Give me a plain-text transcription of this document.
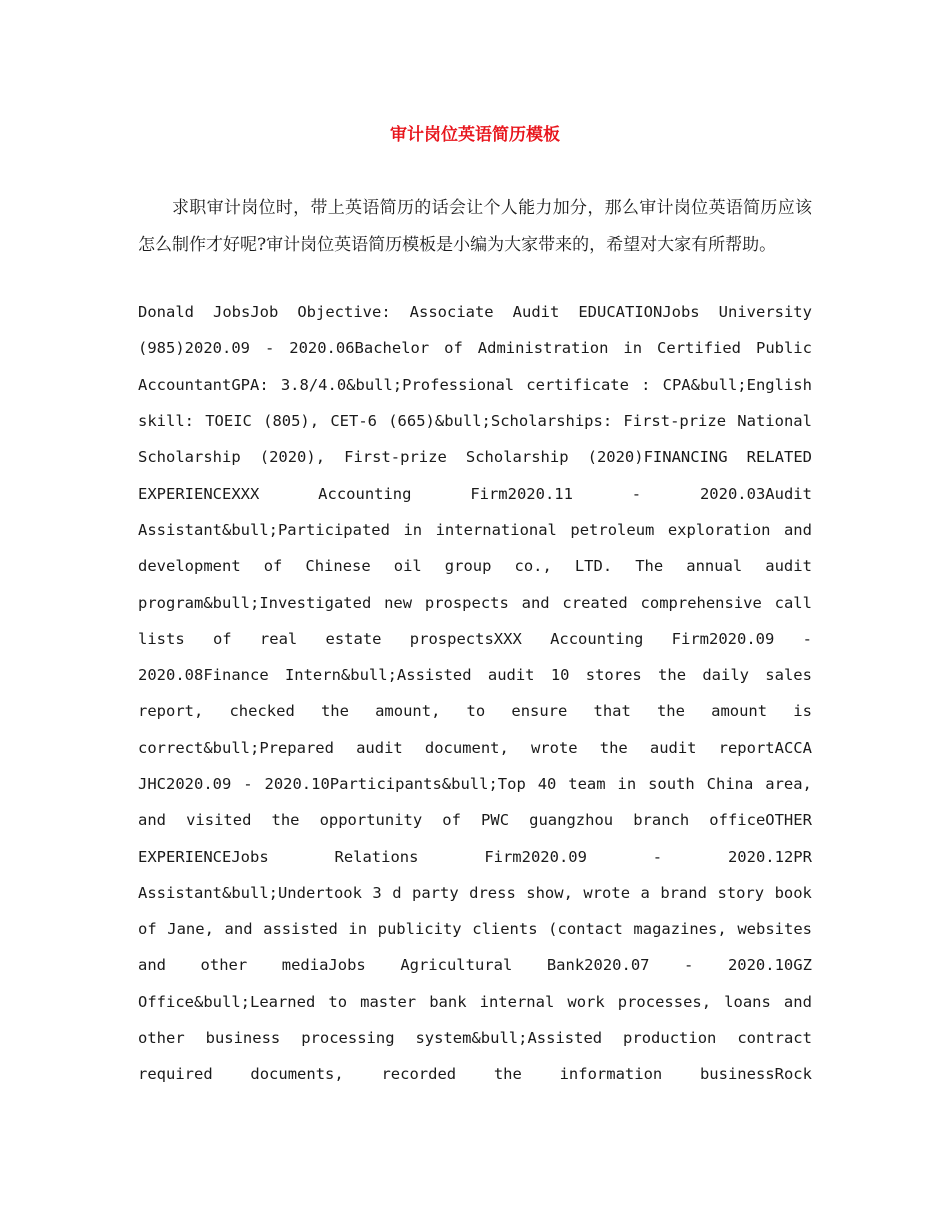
审计岗位英语简历模板

求职审计岗位时，带上英语简历的话会让个人能力加分，那么审计岗位英语简历应该怎么制作才好呢?审计岗位英语简历模板是小编为大家带来的，希望对大家有所帮助。

Donald JobsJob Objective: Associate Audit EDUCATIONJobs University
(985)2020.09 - 2020.06Bachelor of Administration in Certified Public
AccountantGPA: 3.8/4.0&bull;Professional certificate : CPA&bull;English
skill: TOEIC (805), CET-6 (665)&bull;Scholarships: First-prize National
Scholarship (2020), First-prize Scholarship (2020)FINANCING RELATED
EXPERIENCEXXX	Accounting	Firm2020.11	-	2020.03Audit
Assistant&bull;Participated in international petroleum exploration and
development of Chinese oil group co., LTD. The annual audit
program&bull;Investigated new prospects and created comprehensive call
lists of real estate prospectsXXX Accounting Firm2020.09 -
2020.08Finance Intern&bull;Assisted audit 10 stores the daily sales
report, checked the amount, to ensure that the amount is
correct&bull;Prepared audit document, wrote the audit reportACCA
JHC2020.09 - 2020.10Participants&bull;Top 40 team in south China area,
and visited the opportunity of PWC guangzhou branch officeOTHER
EXPERIENCEJobs	Relations	Firm2020.09	-	2020.12PR
Assistant&bull;Undertook 3 d party dress show, wrote a brand story book
of Jane, and assisted in publicity clients (contact magazines, websites
and other mediaJobs Agricultural Bank2020.07 - 2020.10GZ
Office&bull;Learned to master bank internal work processes, loans and
other business processing system&bull;Assisted production contract
required documents, recorded the information businessRock
